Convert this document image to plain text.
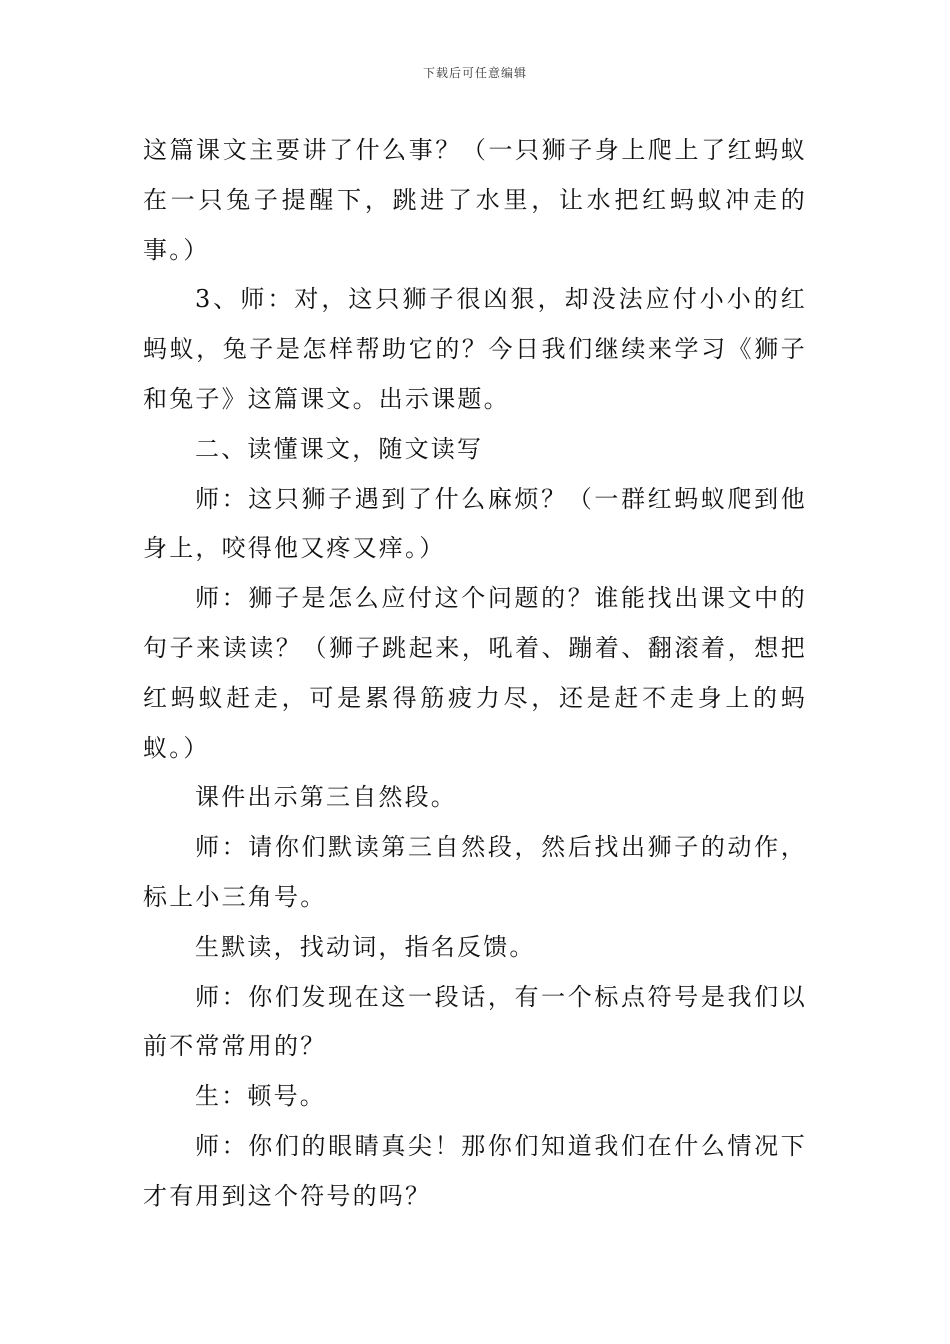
下载后可任意编辑

这篇课文主要讲了什么事？（一只狮子身上爬上了红蚂蚁在一只兔子提醒下，跳进了水里，让水把红蚂蚁冲走的事。）

3、师：对，这只狮子很凶狠，却没法应付小小的红蚂蚁，兔子是怎样帮助它的？今日我们继续来学习《狮子和兔子》这篇课文。出示课题。

二、读懂课文，随文读写

师：这只狮子遇到了什么麻烦？（一群红蚂蚁爬到他身上，咬得他又疼又痒。）

师：狮子是怎么应付这个问题的？谁能找出课文中的句子来读读？（狮子跳起来，吼着、蹦着、翻滚着，想把红蚂蚁赶走，可是累得筋疲力尽，还是赶不走身上的蚂蚁。）

课件出示第三自然段。

师：请你们默读第三自然段，然后找出狮子的动作，标上小三角号。

生默读，找动词，指名反馈。

师：你们发现在这一段话，有一个标点符号是我们以前不常常用的？

生：顿号。

师：你们的眼睛真尖！那你们知道我们在什么情况下才有用到这个符号的吗？
